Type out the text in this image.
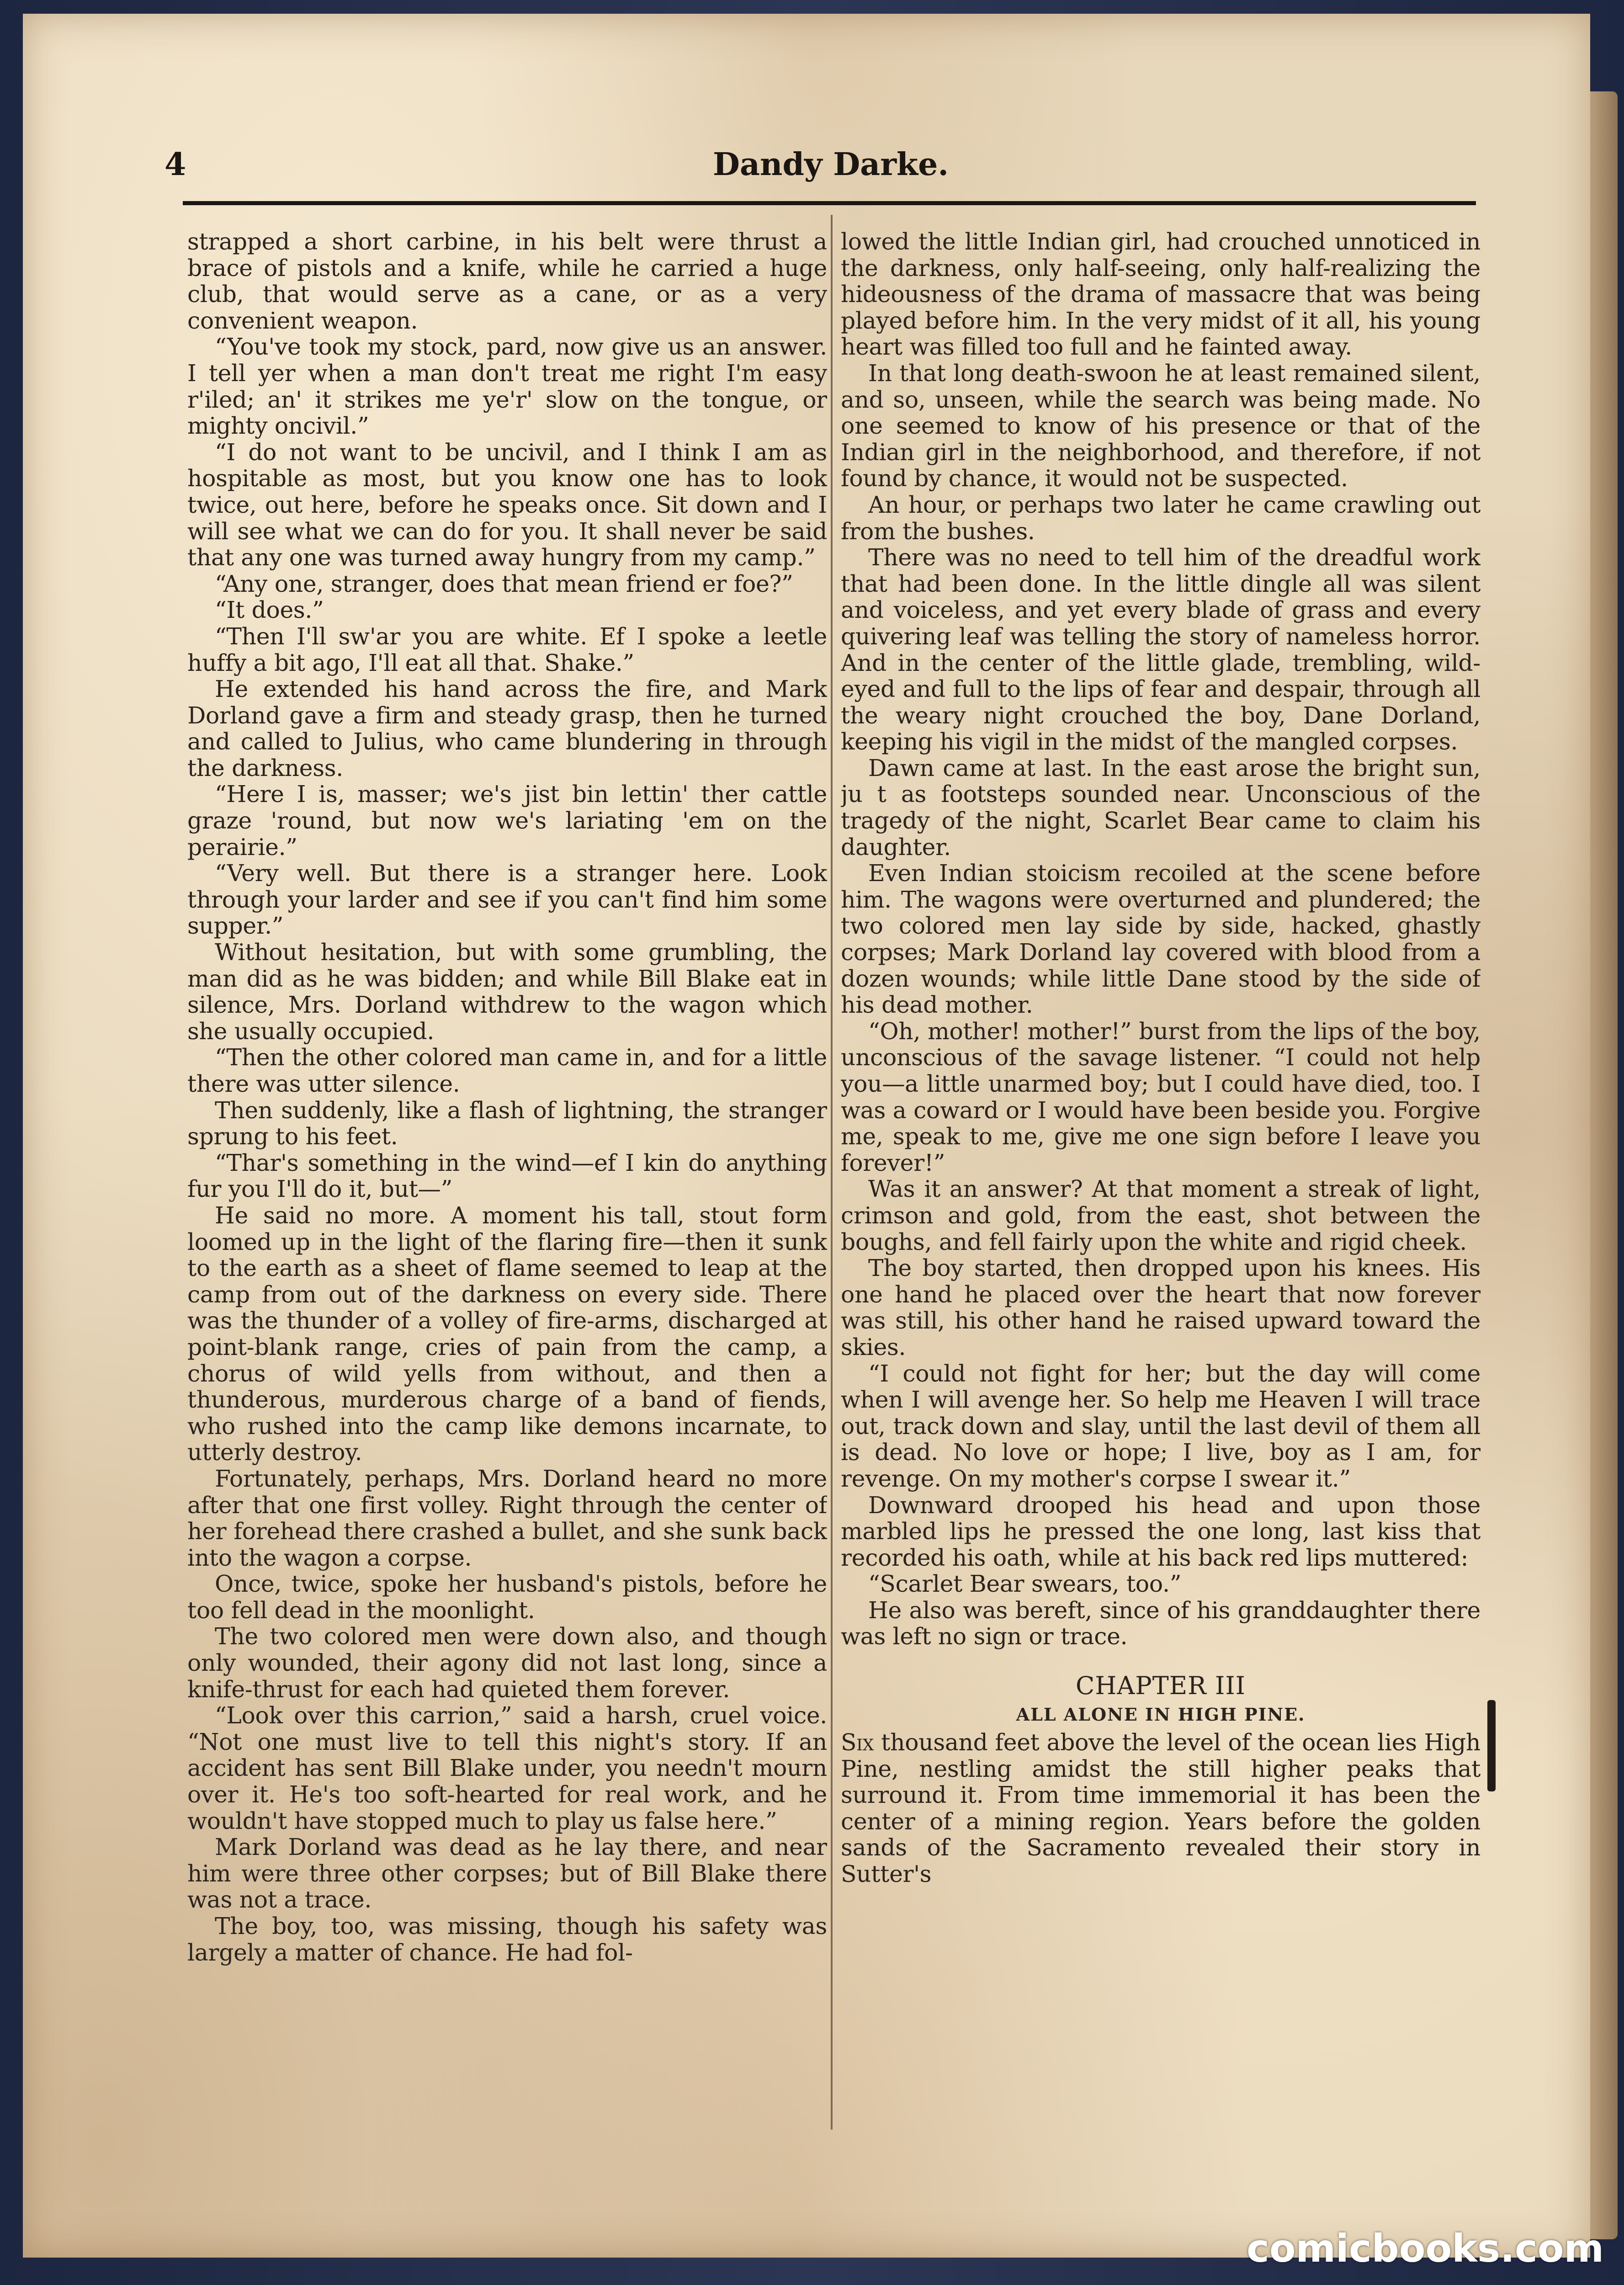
4	Dandy Darke.

strapped a short carbine, in his belt were thrust a brace of pistols and a knife, while he carried a huge club, that would serve as a cane, or as a very convenient weapon.

“You've took my stock, pard, now give us an answer. I tell yer when a man don't treat me right I'm easy r'iled; an' it strikes me ye'r' slow on the tongue, or mighty oncivil.”

“I do not want to be uncivil, and I think I am as hospitable as most, but you know one has to look twice, out here, before he speaks once. Sit down and I will see what we can do for you. It shall never be said that any one was turned away hungry from my camp.”

“Any one, stranger, does that mean friend er foe?”

“It does.”

“Then I'll sw'ar you are white. Ef I spoke a leetle huffy a bit ago, I'll eat all that. Shake.”

He extended his hand across the fire, and Mark Dorland gave a firm and steady grasp, then he turned and called to Julius, who came blundering in through the darkness.

“Here I is, masser; we's jist bin lettin' ther cattle graze 'round, but now we's lariating 'em on the perairie.”

“Very well. But there is a stranger here. Look through your larder and see if you can't find him some supper.”

Without hesitation, but with some grumbling, the man did as he was bidden; and while Bill Blake eat in silence, Mrs. Dorland withdrew to the wagon which she usually occupied.

“Then the other colored man came in, and for a little there was utter silence.

Then suddenly, like a flash of lightning, the stranger sprung to his feet.

“Thar's something in the wind—ef I kin do anything fur you I'll do it, but—”

He said no more. A moment his tall, stout form loomed up in the light of the flaring fire—then it sunk to the earth as a sheet of flame seemed to leap at the camp from out of the darkness on every side. There was the thunder of a volley of fire-arms, discharged at point-blank range, cries of pain from the camp, a chorus of wild yells from without, and then a thunderous, murderous charge of a band of fiends, who rushed into the camp like demons incarnate, to utterly destroy.

Fortunately, perhaps, Mrs. Dorland heard no more after that one first volley. Right through the center of her forehead there crashed a bullet, and she sunk back into the wagon a corpse.

Once, twice, spoke her husband's pistols, before he too fell dead in the moonlight.

The two colored men were down also, and though only wounded, their agony did not last long, since a knife-thrust for each had quieted them forever.

“Look over this carrion,” said a harsh, cruel voice. “Not one must live to tell this night's story. If an accident has sent Bill Blake under, you needn't mourn over it. He's too soft-hearted for real work, and he wouldn't have stopped much to play us false here.”

Mark Dorland was dead as he lay there, and near him were three other corpses; but of Bill Blake there was not a trace.

The boy, too, was missing, though his safety was largely a matter of chance. He had fol-

lowed the little Indian girl, had crouched unnoticed in the darkness, only half-seeing, only half-realizing the hideousness of the drama of massacre that was being played before him. In the very midst of it all, his young heart was filled too full and he fainted away.

In that long death-swoon he at least remained silent, and so, unseen, while the search was being made. No one seemed to know of his presence or that of the Indian girl in the neighborhood, and therefore, if not found by chance, it would not be suspected.

An hour, or perhaps two later he came crawling out from the bushes.

There was no need to tell him of the dreadful work that had been done. In the little dingle all was silent and voiceless, and yet every blade of grass and every quivering leaf was telling the story of nameless horror. And in the center of the little glade, trembling, wild-eyed and full to the lips of fear and despair, through all the weary night crouched the boy, Dane Dorland, keeping his vigil in the midst of the mangled corpses.

Dawn came at last. In the east arose the bright sun, ju t as footsteps sounded near. Unconscious of the tragedy of the night, Scarlet Bear came to claim his daughter.

Even Indian stoicism recoiled at the scene before him. The wagons were overturned and plundered; the two colored men lay side by side, hacked, ghastly corpses; Mark Dorland lay covered with blood from a dozen wounds; while little Dane stood by the side of his dead mother.

“Oh, mother! mother!” burst from the lips of the boy, unconscious of the savage listener. “I could not help you—a little unarmed boy; but I could have died, too. I was a coward or I would have been beside you. Forgive me, speak to me, give me one sign before I leave you forever!”

Was it an answer? At that moment a streak of light, crimson and gold, from the east, shot between the boughs, and fell fairly upon the white and rigid cheek.

The boy started, then dropped upon his knees. His one hand he placed over the heart that now forever was still, his other hand he raised upward toward the skies.

“I could not fight for her; but the day will come when I will avenge her. So help me Heaven I will trace out, track down and slay, until the last devil of them all is dead. No love or hope; I live, boy as I am, for revenge. On my mother's corpse I swear it.”

Downward drooped his head and upon those marbled lips he pressed the one long, last kiss that recorded his oath, while at his back red lips muttered:

“Scarlet Bear swears, too.”

He also was bereft, since of his granddaughter there was left no sign or trace.

CHAPTER III

ALL ALONE IN HIGH PINE.

Six thousand feet above the level of the ocean lies High Pine, nestling amidst the still higher peaks that surround it. From time immemorial it has been the center of a mining region. Years before the golden sands of the Sacramento revealed their story in Sutter's

comicbooks.com
